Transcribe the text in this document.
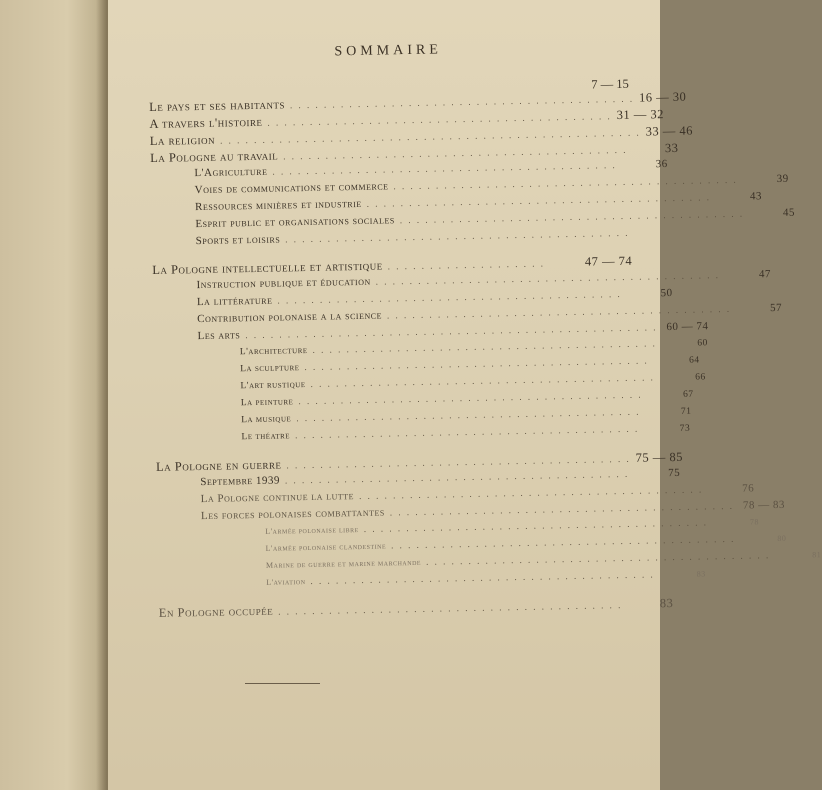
SOMMAIRE
7 — 15
Le pays et ses habitants . . . . . . . . . . . . . . . . . . . . . . . . . . . . . . . . . . . . . . . . . 16 — 30
A travers l'histoire . . . . . . . . . . . . . . . . . . . . . . . . . . . . . . . . . . . . . . . . . 31 — 32
La religion . . . . . . . . . . . . . . . . . . . . . . . . . . . . . . . . . . . . . . . . . . . . . . . . . . 33 — 46
La Pologne au travail . . . . . . . . . . . . . . . . . . . . . . . . . . . . . . . . . . . . . . . . .	33
L'Agriculture . . . . . . . . . . . . . . . . . . . . . . . . . . . . . . . . . . . . . . . . .	36
Voies de communications et commerce . . . . . . . . . . . . . . . . . . . . . . . . . . . . . . . . . . . . . . . . .	39
Ressources minières et industrie . . . . . . . . . . . . . . . . . . . . . . . . . . . . . . . . . . . . . . . . .	43
Esprit public et organisations sociales . . . . . . . . . . . . . . . . . . . . . . . . . . . . . . . . . . . . . . . . .	45
Sports et loisirs . . . . . . . . . . . . . . . . . . . . . . . . . . . . . . . . . . . . . . . . .
La Pologne intellectuelle et artistique . . . . . . . . . . . . . . . . . . .	47 — 74
Instruction publique et éducation . . . . . . . . . . . . . . . . . . . . . . . . . . . . . . . . . . . . . . . . .	47
La littérature . . . . . . . . . . . . . . . . . . . . . . . . . . . . . . . . . . . . . . . . .	50
Contribution polonaise a la science . . . . . . . . . . . . . . . . . . . . . . . . . . . . . . . . . . . . . . . . .	57
Les arts . . . . . . . . . . . . . . . . . . . . . . . . . . . . . . . . . . . . . . . . . . . . . . . . . 60 — 74
L'architecture . . . . . . . . . . . . . . . . . . . . . . . . . . . . . . . . . . . . . . . . .	60
La sculpture . . . . . . . . . . . . . . . . . . . . . . . . . . . . . . . . . . . . . . . . .	64
L'art rustique . . . . . . . . . . . . . . . . . . . . . . . . . . . . . . . . . . . . . . . . .	66
La peinture . . . . . . . . . . . . . . . . . . . . . . . . . . . . . . . . . . . . . . . . .	67
La musique . . . . . . . . . . . . . . . . . . . . . . . . . . . . . . . . . . . . . . . . .	71
Le théatre . . . . . . . . . . . . . . . . . . . . . . . . . . . . . . . . . . . . . . . . .	73
La Pologne en guerre . . . . . . . . . . . . . . . . . . . . . . . . . . . . . . . . . . . . . . . . . 75 — 85
Septembre 1939 . . . . . . . . . . . . . . . . . . . . . . . . . . . . . . . . . . . . . . . . .	75
La Pologne continue la lutte . . . . . . . . . . . . . . . . . . . . . . . . . . . . . . . . . . . . . . . . .	76
Les forces polonaises combattantes . . . . . . . . . . . . . . . . . . . . . . . . . . . . . . . . . . . . . . . . . 78 — 83
L'armée polonaise libre . . . . . . . . . . . . . . . . . . . . . . . . . . . . . . . . . . . . . . . . .	78
L'armée polonaise clandestine . . . . . . . . . . . . . . . . . . . . . . . . . . . . . . . . . . . . . . . . .	80
Marine de guerre et marine marchande . . . . . . . . . . . . . . . . . . . . . . . . . . . . . . . . . . . . . . . . .	81
L'aviation . . . . . . . . . . . . . . . . . . . . . . . . . . . . . . . . . . . . . . . . .	83
En Pologne occupée . . . . . . . . . . . . . . . . . . . . . . . . . . . . . . . . . . . . . . . . .	83
